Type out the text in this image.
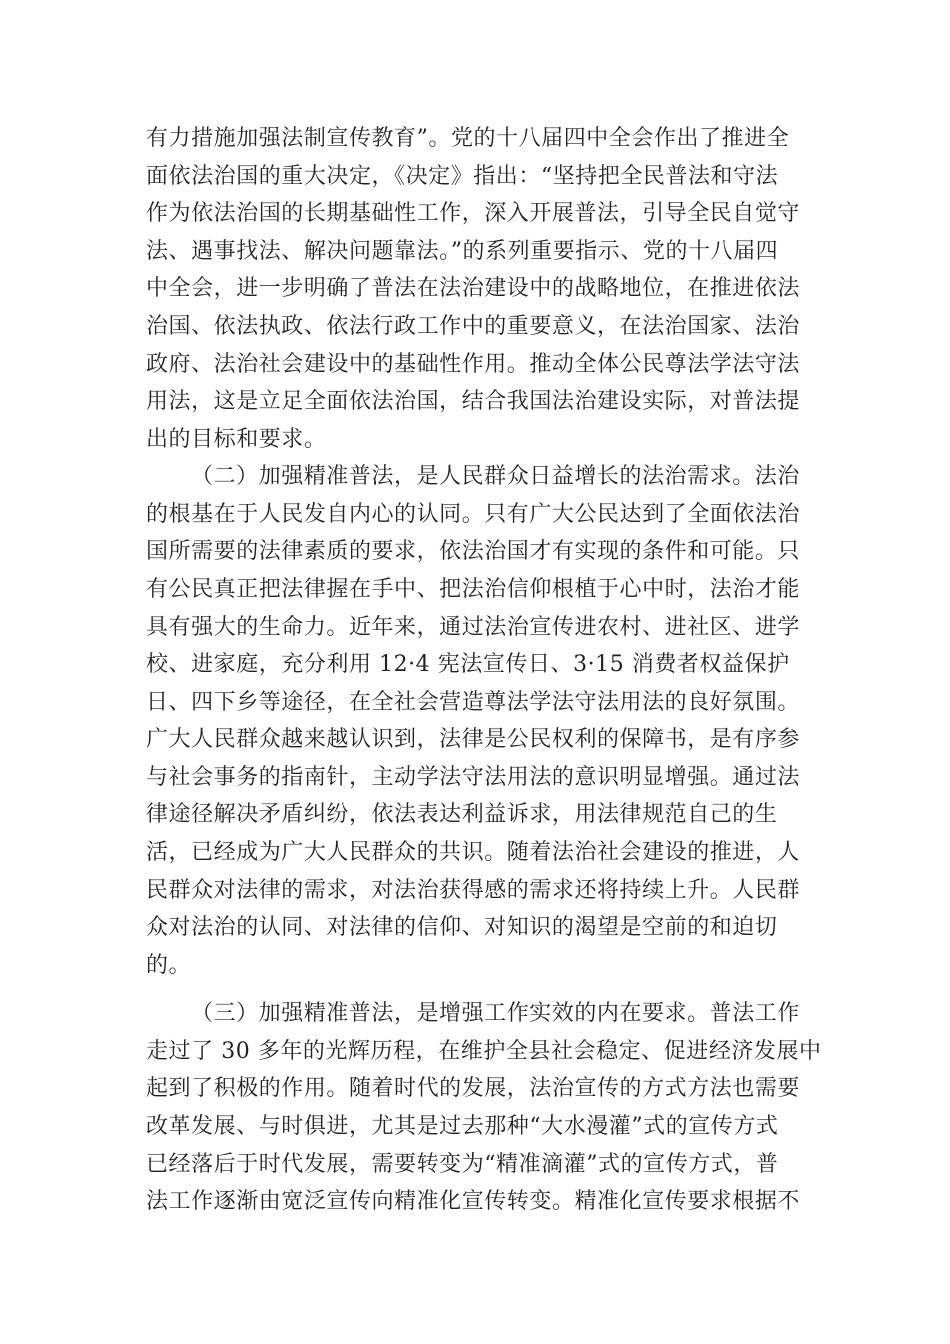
有力措施加强法制宣传教育”。党的十八届四中全会作出了推进全
面依法治国的重大决定，《决定》指出：“坚持把全民普法和守法
作为依法治国的长期基础性工作，深入开展普法，引导全民自觉守
法、遇事找法、解决问题靠法。”的系列重要指示、党的十八届四
中全会，进一步明确了普法在法治建设中的战略地位，在推进依法
治国、依法执政、依法行政工作中的重要意义，在法治国家、法治
政府、法治社会建设中的基础性作用。推动全体公民尊法学法守法
用法，这是立足全面依法治国，结合我国法治建设实际，对普法提
出的目标和要求。
（二）加强精准普法，是人民群众日益增长的法治需求。法治
的根基在于人民发自内心的认同。只有广大公民达到了全面依法治
国所需要的法律素质的要求，依法治国才有实现的条件和可能。只
有公民真正把法律握在手中、把法治信仰根植于心中时，法治才能
具有强大的生命力。近年来，通过法治宣传进农村、进社区、进学
校、进家庭，充分利用 12·4 宪法宣传日、3·15 消费者权益保护
日、四下乡等途径，在全社会营造尊法学法守法用法的良好氛围。
广大人民群众越来越认识到，法律是公民权利的保障书，是有序参
与社会事务的指南针，主动学法守法用法的意识明显增强。通过法
律途径解决矛盾纠纷，依法表达利益诉求，用法律规范自己的生
活，已经成为广大人民群众的共识。随着法治社会建设的推进，人
民群众对法律的需求，对法治获得感的需求还将持续上升。人民群
众对法治的认同、对法律的信仰、对知识的渴望是空前的和迫切
的。
（三）加强精准普法，是增强工作实效的内在要求。普法工作
走过了 30 多年的光辉历程，在维护全县社会稳定、促进经济发展中
起到了积极的作用。随着时代的发展，法治宣传的方式方法也需要
改革发展、与时俱进，尤其是过去那种“大水漫灌”式的宣传方式
已经落后于时代发展，需要转变为“精准滴灌”式的宣传方式，普
法工作逐渐由宽泛宣传向精准化宣传转变。精准化宣传要求根据不
